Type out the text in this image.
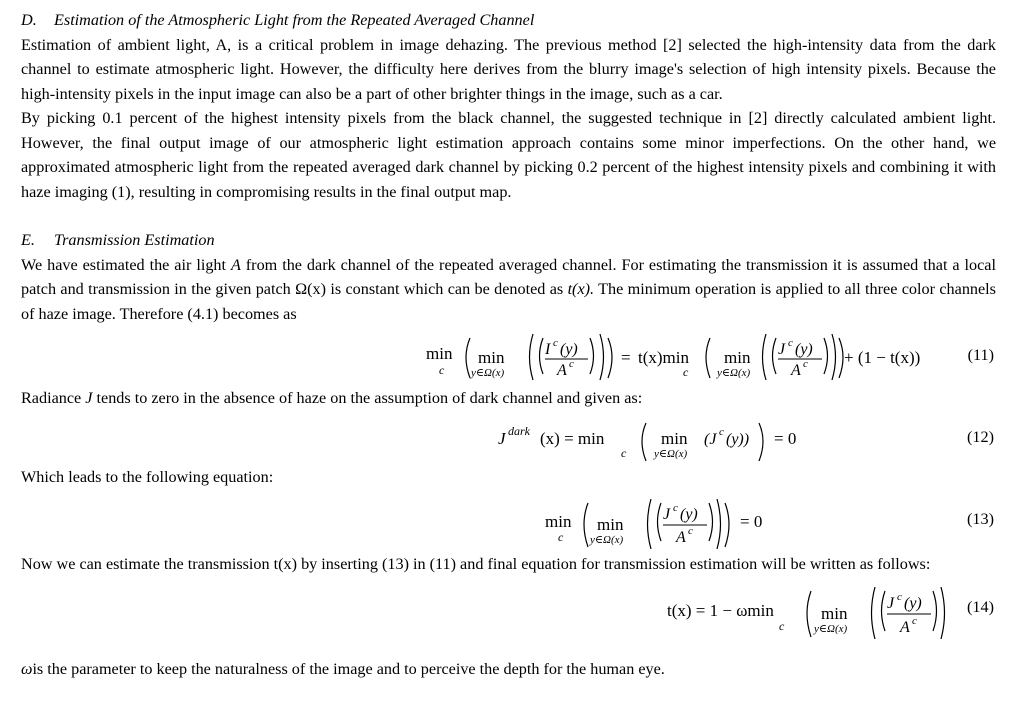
D. Estimation of the Atmospheric Light from the Repeated Averaged Channel

Estimation of ambient light, A, is a critical problem in image dehazing. The previous method [2] selected the high-intensity data from the dark channel to estimate atmospheric light. However, the difficulty here derives from the blurry image's selection of high intensity pixels. Because the high-intensity pixels in the input image can also be a part of other brighter things in the image, such as a car.

By picking 0.1 percent of the highest intensity pixels from the black channel, the suggested technique in [2] directly calculated ambient light. However, the final output image of our atmospheric light estimation approach contains some minor imperfections. On the other hand, we approximated atmospheric light from the repeated averaged dark channel by picking 0.2 percent of the highest intensity pixels and combining it with haze imaging (1), resulting in compromising results in the final output map.

E. Transmission Estimation

We have estimated the air light A from the dark channel of the repeated averaged channel. For estimating the transmission it is assumed that a local patch and transmission in the given patch Ω(x) is constant which can be denoted as t(x). The minimum operation is applied to all three color channels of haze image. Therefore (4.1) becomes as

min
c
min
y∈Ω(x)
I c (y)
A c	= t(x)min
c
min
y∈Ω(x)
J c (y)
A c + (1 − t(x))	(11)

Radiance J tends to zero in the absence of haze on the assumption of dark channel and given as:

J dark (x) = min
c
min
y∈Ω(x)
(J c (y)) = 0	(12)

Which leads to the following equation:

min
c
min
y∈Ω(x)
J c (y)
A c	= 0	(13)

Now we can estimate the transmission t(x) by inserting (13) in (11) and final equation for transmission estimation will be written as follows:

t(x) = 1 − ωmin
c
min
y∈Ω(x)
J c (y)
A c
(14)

ωis the parameter to keep the naturalness of the image and to perceive the depth for the human eye.
